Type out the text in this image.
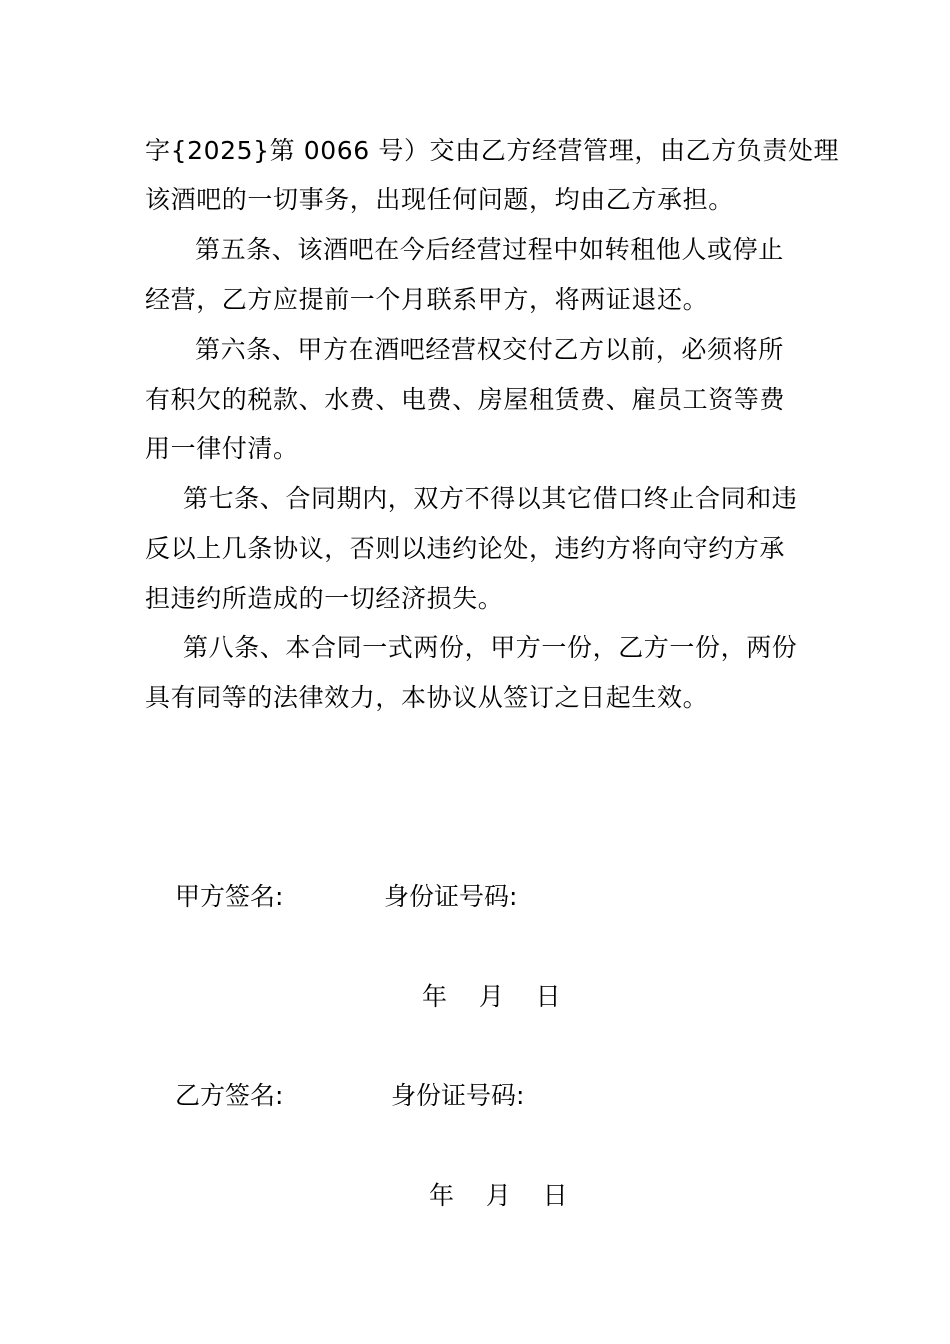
字{2025}第 0066 号）交由乙方经营管理，由乙方负责处理
该酒吧的一切事务，出现任何问题，均由乙方承担。
第五条、该酒吧在今后经营过程中如转租他人或停止
经营，乙方应提前一个月联系甲方，将两证退还。
第六条、甲方在酒吧经营权交付乙方以前，必须将所
有积欠的税款、水费、电费、房屋租赁费、雇员工资等费
用一律付清。
第七条、合同期内，双方不得以其它借口终止合同和违
反以上几条协议，否则以违约论处，违约方将向守约方承
担违约所造成的一切经济损失。
第八条、本合同一式两份，甲方一份，乙方一份，两份
具有同等的法律效力，本协议从签订之日起生效。
甲方签名:	身份证号码:
年   月   日
乙方签名:	身份证号码:
年   月   日
